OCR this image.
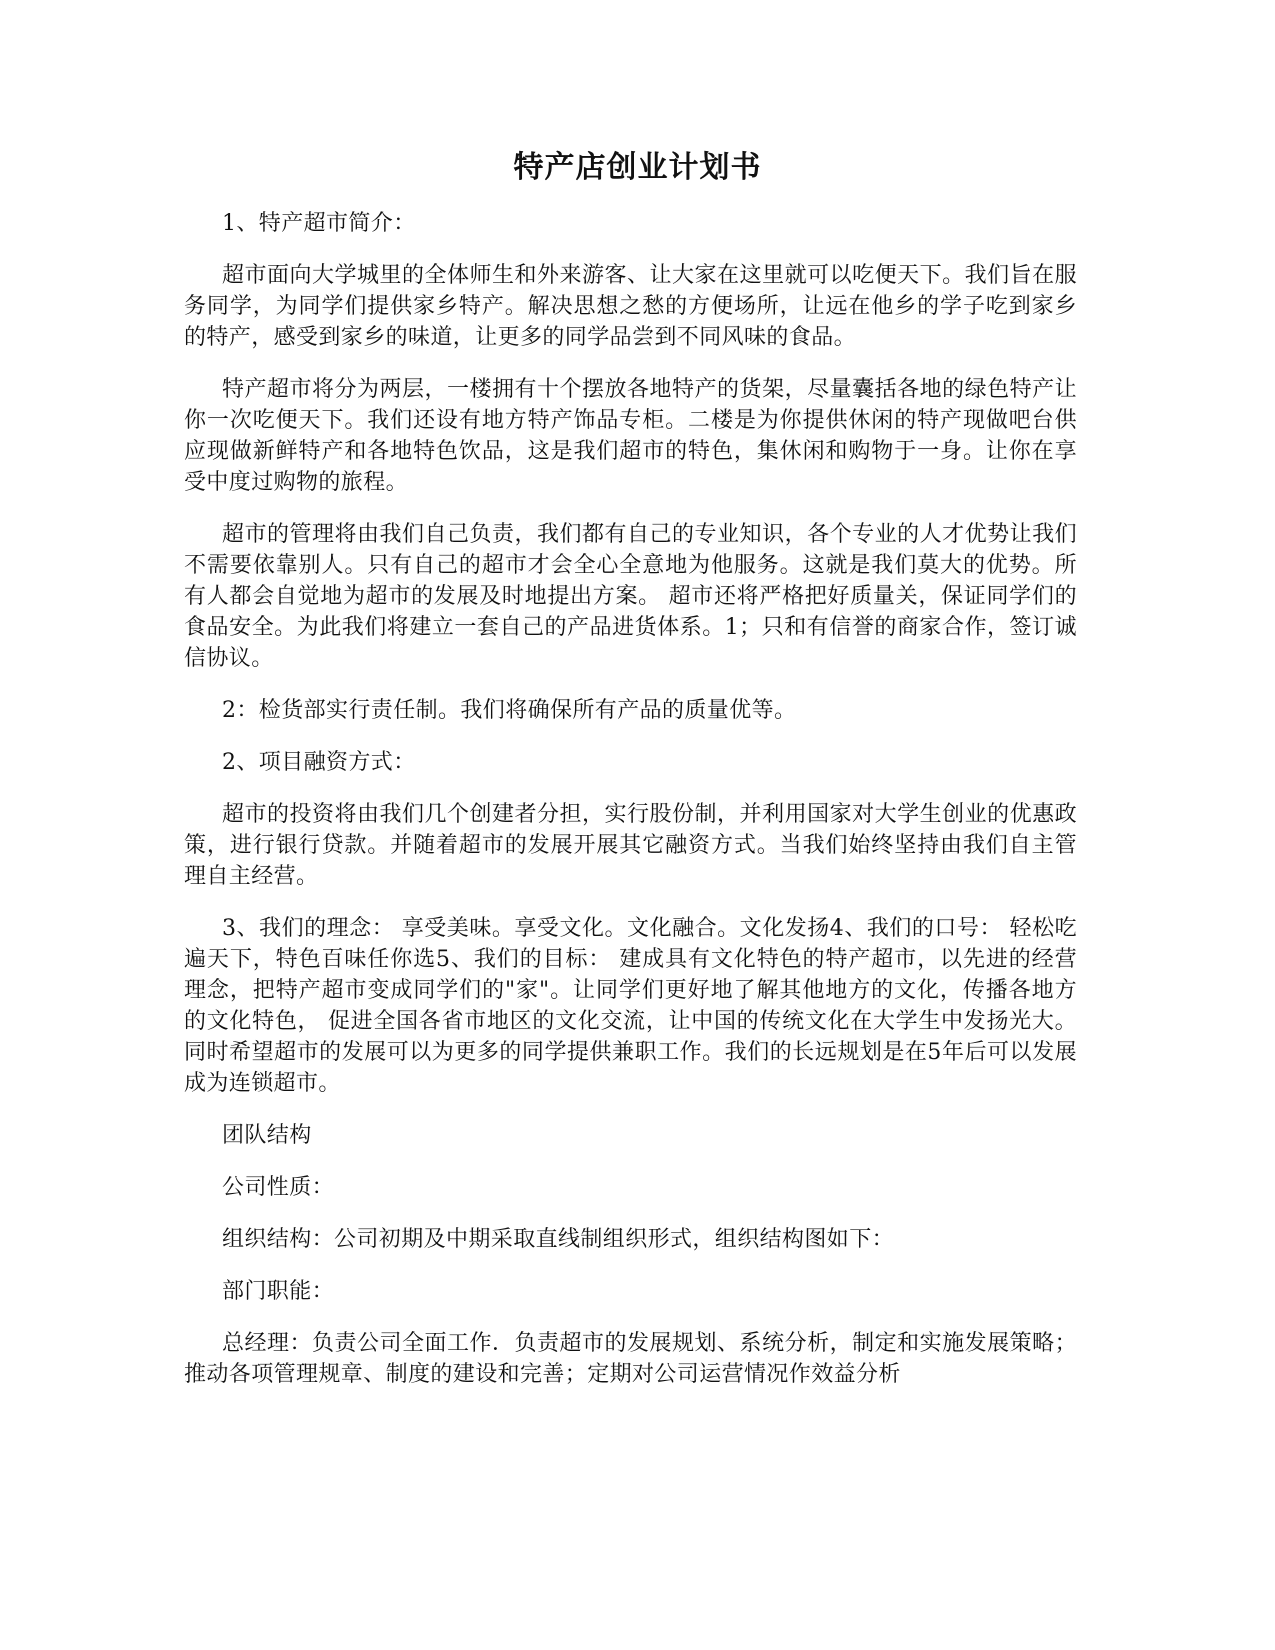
特产店创业计划书

1、特产超市简介：

超市面向大学城里的全体师生和外来游客、让大家在这里就可以吃便天下。我们旨在服务同学，为同学们提供家乡特产。解决思想之愁的方便场所，让远在他乡的学子吃到家乡的特产，感受到家乡的味道，让更多的同学品尝到不同风味的食品。

特产超市将分为两层，一楼拥有十个摆放各地特产的货架，尽量囊括各地的绿色特产让你一次吃便天下。我们还设有地方特产饰品专柜。二楼是为你提供休闲的特产现做吧台供应现做新鲜特产和各地特色饮品，这是我们超市的特色，集休闲和购物于一身。让你在享受中度过购物的旅程。

超市的管理将由我们自己负责，我们都有自己的专业知识，各个专业的人才优势让我们不需要依靠别人。只有自己的超市才会全心全意地为他服务。这就是我们莫大的优势。所有人都会自觉地为超市的发展及时地提出方案。 超市还将严格把好质量关，保证同学们的食品安全。为此我们将建立一套自己的产品进货体系。1；只和有信誉的商家合作，签订诚信协议。

2：检货部实行责任制。我们将确保所有产品的质量优等。

2、项目融资方式：

超市的投资将由我们几个创建者分担，实行股份制，并利用国家对大学生创业的优惠政策，进行银行贷款。并随着超市的发展开展其它融资方式。当我们始终坚持由我们自主管理自主经营。

3、我们的理念： 享受美味。享受文化。文化融合。文化发扬4、我们的口号： 轻松吃遍天下，特色百味任你选5、我们的目标： 建成具有文化特色的特产超市，以先进的经营理念，把特产超市变成同学们的"家"。让同学们更好地了解其他地方的文化，传播各地方的文化特色， 促进全国各省市地区的文化交流，让中国的传统文化在大学生中发扬光大。同时希望超市的发展可以为更多的同学提供兼职工作。我们的长远规划是在5年后可以发展成为连锁超市。

团队结构

公司性质：

组织结构：公司初期及中期采取直线制组织形式，组织结构图如下：

部门职能：

总经理：负责公司全面工作．负责超市的发展规划、系统分析，制定和实施发展策略；推动各项管理规章、制度的建设和完善；定期对公司运营情况作效益分析
